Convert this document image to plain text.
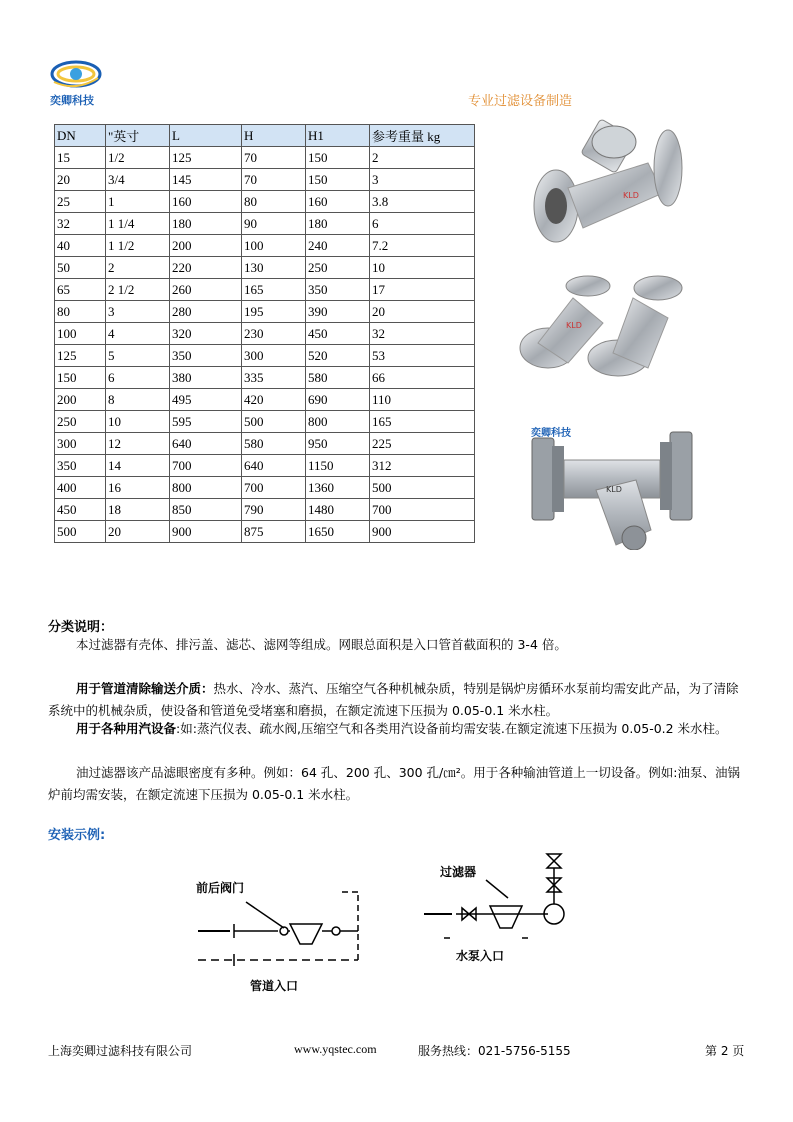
奕卿科技	专业过滤设备制造
DN	"英寸	L	H	H1	参考重量 kg
15	1/2	125	70	150	2
20	3/4	145	70	150	3
25	1	160	80	160	3.8
32	1 1/4	180	90	180	6
40	1 1/2	200	100	240	7.2
50	2	220	130	250	10
65	2 1/2	260	165	350	17
80	3	280	195	390	20
100	4	320	230	450	32
125	5	350	300	520	53
150	6	380	335	580	66
200	8	495	420	690	110
250	10	595	500	800	165
300	12	640	580	950	225
350	14	700	640	1150	312
400	16	800	700	1360	500
450	18	850	790	1480	700
500	20	900	875	1650	900
KLD
KLD
KLD
奕卿科技
分类说明：
本过滤器有壳体、排污盖、滤芯、滤网等组成。网眼总面积是入口管首截面积的 3-4 倍。
用于管道清除输送介质：热水、冷水、蒸汽、压缩空气各种机械杂质，特别是锅炉房循环水泵前均需安此产品，为了清除系统中的机械杂质，使设备和管道免受堵塞和磨损，在额定流速下压损为 0.05-0.1 米水柱。
用于各种用汽设备:如:蒸汽仪表、疏水阀,压缩空气和各类用汽设备前均需安装.在额定流速下压损为 0.05-0.2 米水柱。
油过滤器该产品滤眼密度有多种。例如：64 孔、200 孔、300 孔/㎝²。用于各种输油管道上一切设备。例如:油泵、油锅炉前均需安装，在额定流速下压损为 0.05-0.1 米水柱。
安装示例:
前后阀门
管道入口
过滤器
水泵入口
上海奕卿过滤科技有限公司	www.yqstec.com	服务热线：021-5756-5155	第 2 页
